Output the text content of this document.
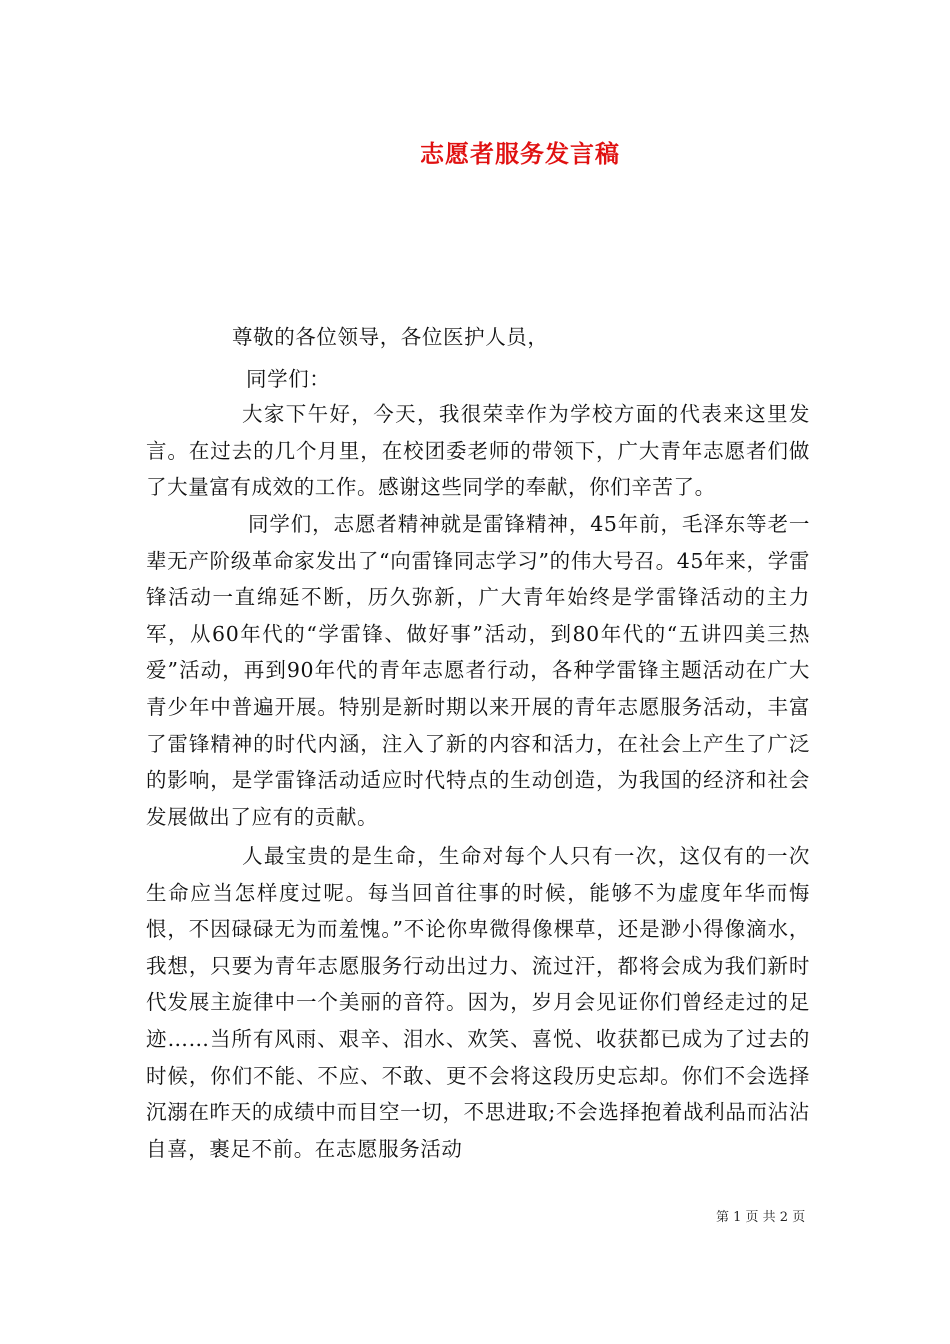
志愿者服务发言稿
尊敬的各位领导，各位医护人员，
同学们：

大家下午好，今天，我很荣幸作为学校方面的代表来这里发言。在过去的几个月里，在校团委老师的带领下，广大青年志愿者们做了大量富有成效的工作。感谢这些同学的奉献，你们辛苦了。

同学们，志愿者精神就是雷锋精神，45年前，毛泽东等老一辈无产阶级革命家发出了“向雷锋同志学习”的伟大号召。45年来，学雷锋活动一直绵延不断，历久弥新，广大青年始终是学雷锋活动的主力军，从60年代的“学雷锋、做好事”活动，到80年代的“五讲四美三热爱”活动，再到90年代的青年志愿者行动，各种学雷锋主题活动在广大青少年中普遍开展。特别是新时期以来开展的青年志愿服务活动，丰富了雷锋精神的时代内涵，注入了新的内容和活力，在社会上产生了广泛的影响，是学雷锋活动适应时代特点的生动创造，为我国的经济和社会发展做出了应有的贡献。

人最宝贵的是生命，生命对每个人只有一次，这仅有的一次生命应当怎样度过呢。每当回首往事的时候，能够不为虚度年华而悔恨，不因碌碌无为而羞愧。”不论你卑微得像棵草，还是渺小得像滴水，我想，只要为青年志愿服务行动出过力、流过汗，都将会成为我们新时代发展主旋律中一个美丽的音符。因为，岁月会见证你们曾经走过的足迹……当所有风雨、艰辛、泪水、欢笑、喜悦、收获都已成为了过去的时候，你们不能、不应、不敢、更不会将这段历史忘却。你们不会选择沉溺在昨天的成绩中而目空一切，不思进取;不会选择抱着战利品而沾沾自喜，裹足不前。在志愿服务活动

第 1 页 共 2 页
